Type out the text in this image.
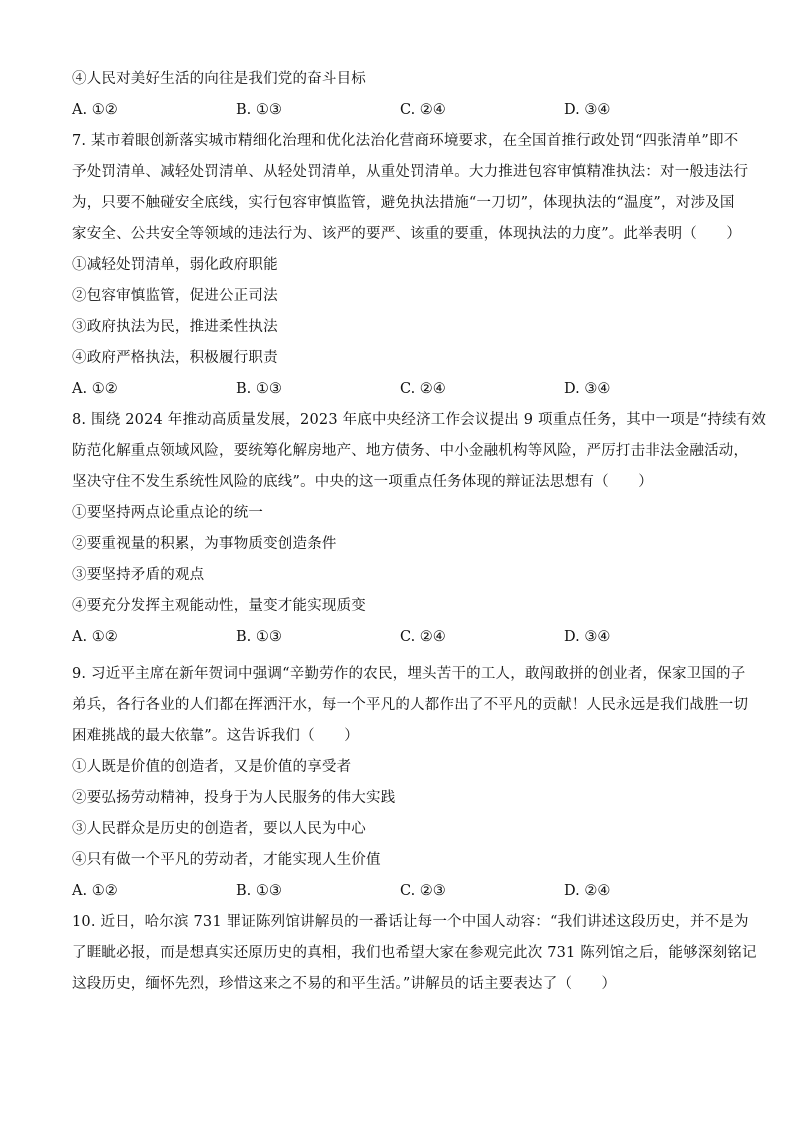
④人民对美好生活的向往是我们党的奋斗目标
A. ①②	B. ①③	C. ②④	D. ③④
7. 某市着眼创新落实城市精细化治理和优化法治化营商环境要求，在全国首推行政处罚“四张清单”即不
予处罚清单、减轻处罚清单、从轻处罚清单，从重处罚清单。大力推进包容审慎精准执法：对一般违法行
为，只要不触碰安全底线，实行包容审慎监管，避免执法措施“一刀切”，体现执法的“温度”，对涉及国
家安全、公共安全等领域的违法行为、该严的要严、该重的要重，体现执法的力度”。此举表明（　　）
①减轻处罚清单，弱化政府职能
②包容审慎监管，促进公正司法
③政府执法为民，推进柔性执法
④政府严格执法，积极履行职责
A. ①②	B. ①③	C. ②④	D. ③④
8. 围绕 2024 年推动高质量发展，2023 年底中央经济工作会议提出 9 项重点任务，其中一项是“持续有效
防范化解重点领域风险，要统筹化解房地产、地方债务、中小金融机构等风险，严厉打击非法金融活动，
坚决守住不发生系统性风险的底线”。中央的这一项重点任务体现的辩证法思想有（　　）
①要坚持两点论重点论的统一
②要重视量的积累，为事物质变创造条件
③要坚持矛盾的观点
④要充分发挥主观能动性，量变才能实现质变
A. ①②	B. ①③	C. ②④	D. ③④
9. 习近平主席在新年贺词中强调“辛勤劳作的农民，埋头苦干的工人，敢闯敢拼的创业者，保家卫国的子
弟兵，各行各业的人们都在挥洒汗水，每一个平凡的人都作出了不平凡的贡献！人民永远是我们战胜一切
困难挑战的最大依靠”。这告诉我们（　　）
①人既是价值的创造者，又是价值的享受者
②要弘扬劳动精神，投身于为人民服务的伟大实践
③人民群众是历史的创造者，要以人民为中心
④只有做一个平凡的劳动者，才能实现人生价值
A. ①②	B. ①③	C. ②③	D. ②④
10. 近日，哈尔滨 731 罪证陈列馆讲解员的一番话让每一个中国人动容：“我们讲述这段历史，并不是为
了睚眦必报，而是想真实还原历史的真相，我们也希望大家在参观完此次 731 陈列馆之后，能够深刻铭记
这段历史，缅怀先烈，珍惜这来之不易的和平生活。”讲解员的话主要表达了（　　）
